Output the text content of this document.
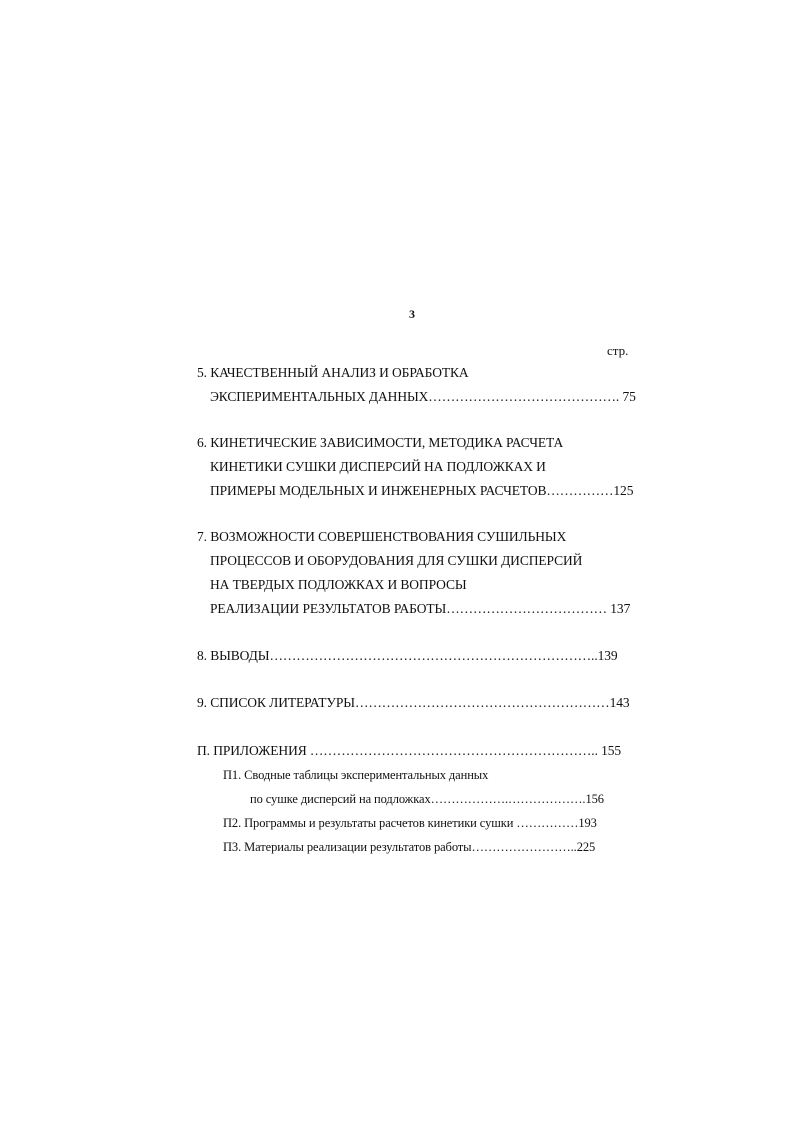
3
стр.
5. КАЧЕСТВЕННЫЙ АНАЛИЗ И ОБРАБОТКА
ЭКСПЕРИМЕНТАЛЬНЫХ ДАННЫХ……………………………………. 75
6. КИНЕТИЧЕСКИЕ ЗАВИСИМОСТИ, МЕТОДИКА РАСЧЕТА
КИНЕТИКИ СУШКИ ДИСПЕРСИЙ НА ПОДЛОЖКАХ И
ПРИМЕРЫ МОДЕЛЬНЫХ И ИНЖЕНЕРНЫХ РАСЧЕТОВ……………125
7. ВОЗМОЖНОСТИ СОВЕРШЕНСТВОВАНИЯ СУШИЛЬНЫХ
ПРОЦЕССОВ И ОБОРУДОВАНИЯ ДЛЯ СУШКИ ДИСПЕРСИЙ
НА ТВЕРДЫХ ПОДЛОЖКАХ И ВОПРОСЫ
РЕАЛИЗАЦИИ РЕЗУЛЬТАТОВ РАБОТЫ……………………………… 137
8. ВЫВОДЫ………………………………………………………………..139
9. СПИСОК ЛИТЕРАТУРЫ…………………………………………………143
П. ПРИЛОЖЕНИЯ ……………………………………………………….. 155
П1. Сводные таблицы экспериментальных данных
по сушке дисперсий на подложках……………….……………….156
П2. Программы и результаты расчетов кинетики сушки ……………193
П3. Материалы реализации результатов работы……………………..225
